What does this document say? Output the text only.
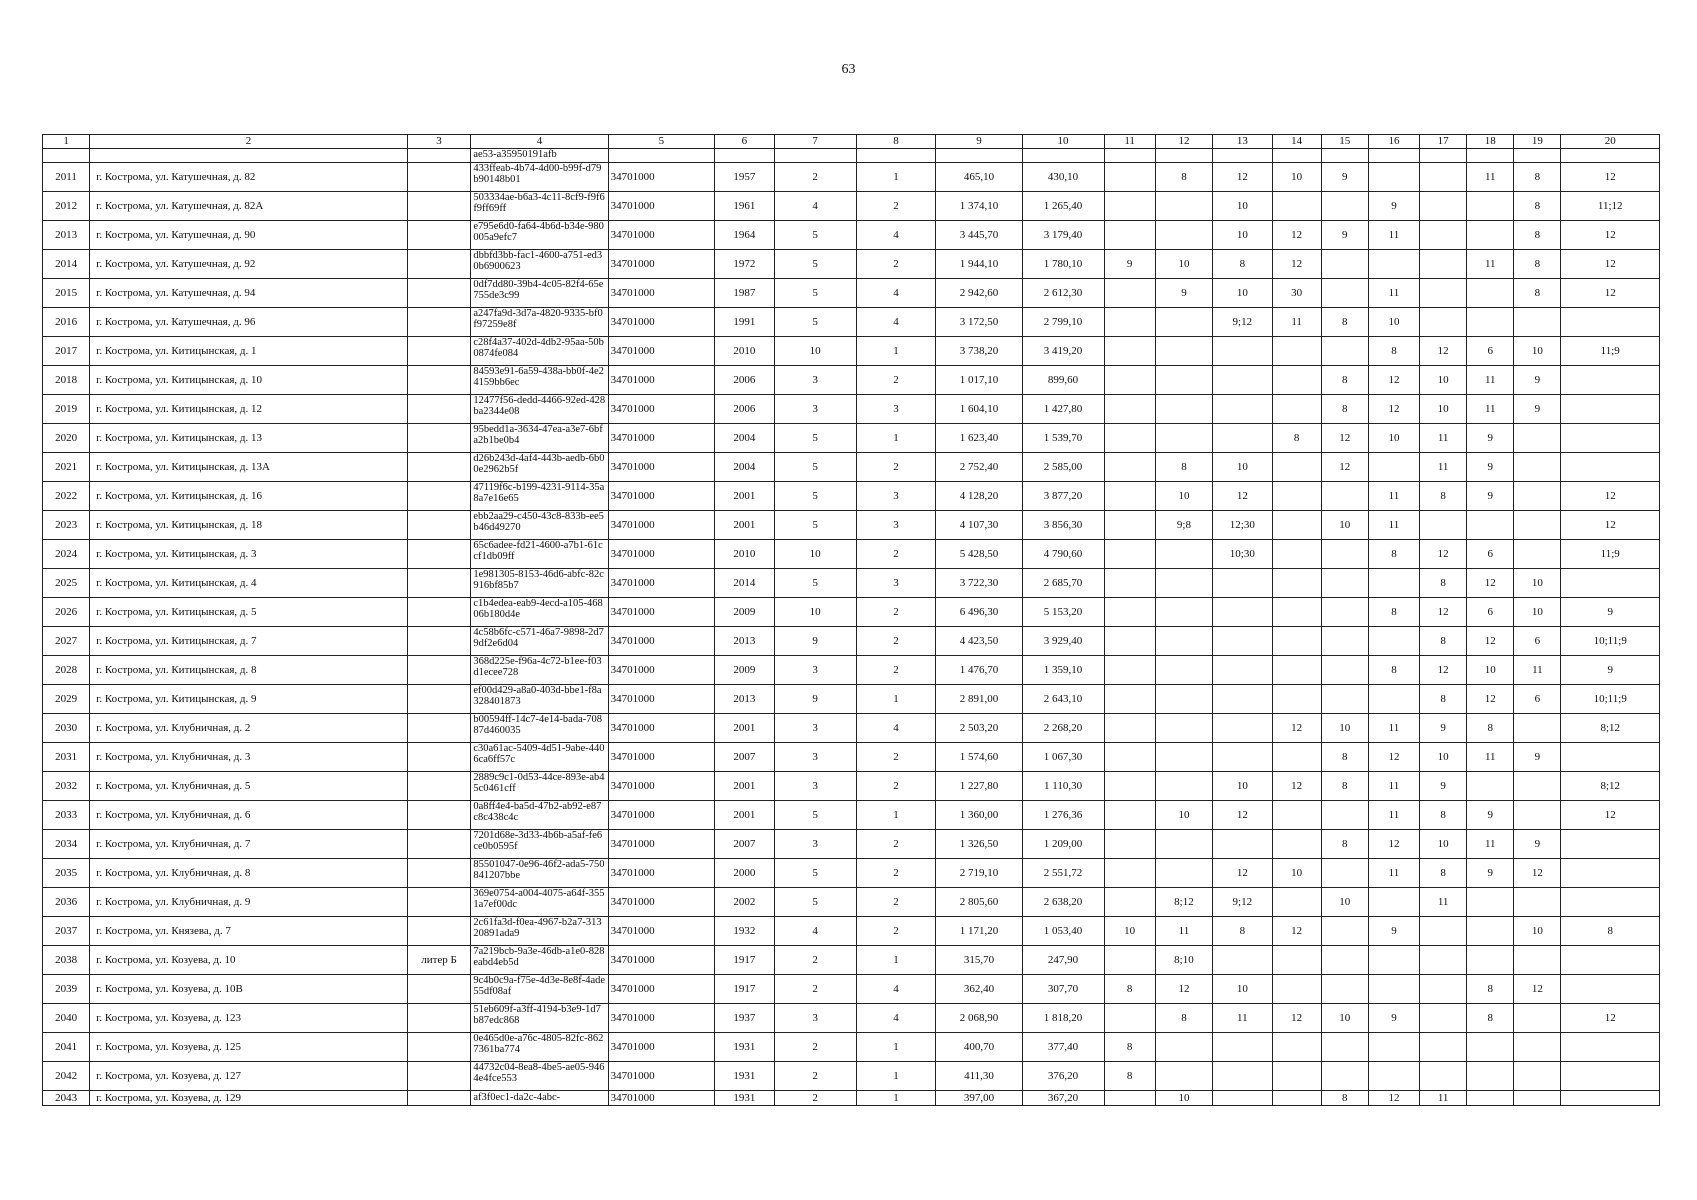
63
1	2	3	4	5	6	7	8	9	10	11	12	13	14	15	16	17	18	19	20
			ae53-a35950191afb																
2011	г. Кострома, ул. Катушечная, д. 82		433ffeab-4b74-4d00-b99f-d79b90148b01	34701000	1957	2	1	465,10	430,10		8	12	10	9			11	8	12
2012	г. Кострома, ул. Катушечная, д. 82А		503334ae-b6a3-4c11-8cf9-f9f6f9ff69ff	34701000	1961	4	2	1 374,10	1 265,40			10			9			8	11;12
2013	г. Кострома, ул. Катушечная, д. 90		e795e6d0-fa64-4b6d-b34e-980005a9efc7	34701000	1964	5	4	3 445,70	3 179,40			10	12	9	11			8	12
2014	г. Кострома, ул. Катушечная, д. 92		dbbfd3bb-fac1-4600-a751-ed30b6900623	34701000	1972	5	2	1 944,10	1 780,10	9	10	8	12				11	8	12
2015	г. Кострома, ул. Катушечная, д. 94		0df7dd80-39b4-4c05-82f4-65e755de3c99	34701000	1987	5	4	2 942,60	2 612,30		9	10	30		11			8	12
2016	г. Кострома, ул. Катушечная, д. 96		a247fa9d-3d7a-4820-9335-bf0f97259e8f	34701000	1991	5	4	3 172,50	2 799,10			9;12	11	8	10				
2017	г. Кострома, ул. Китицынская, д. 1		c28f4a37-402d-4db2-95aa-50b0874fe084	34701000	2010	10	1	3 738,20	3 419,20						8	12	6	10	11;9
2018	г. Кострома, ул. Китицынская, д. 10		84593e91-6a59-438a-bb0f-4e24159bb6ec	34701000	2006	3	2	1 017,10	899,60					8	12	10	11	9	
2019	г. Кострома, ул. Китицынская, д. 12		12477f56-dedd-4466-92ed-428ba2344e08	34701000	2006	3	3	1 604,10	1 427,80					8	12	10	11	9	
2020	г. Кострома, ул. Китицынская, д. 13		95bedd1a-3634-47ea-a3e7-6bfa2b1be0b4	34701000	2004	5	1	1 623,40	1 539,70				8	12	10	11	9		
2021	г. Кострома, ул. Китицынская, д. 13А		d26b243d-4af4-443b-aedb-6b00e2962b5f	34701000	2004	5	2	2 752,40	2 585,00		8	10		12		11	9		
2022	г. Кострома, ул. Китицынская, д. 16		47119f6c-b199-4231-9114-35a8a7e16e65	34701000	2001	5	3	4 128,20	3 877,20		10	12			11	8	9		12
2023	г. Кострома, ул. Китицынская, д. 18		ebb2aa29-c450-43c8-833b-ee5b46d49270	34701000	2001	5	3	4 107,30	3 856,30		9;8	12;30		10	11				12
2024	г. Кострома, ул. Китицынская, д. 3		65c6adee-fd21-4600-a7b1-61ccf1db09ff	34701000	2010	10	2	5 428,50	4 790,60			10;30			8	12	6		11;9
2025	г. Кострома, ул. Китицынская, д. 4		1e981305-8153-46d6-abfc-82c916bf85b7	34701000	2014	5	3	3 722,30	2 685,70							8	12	10	
2026	г. Кострома, ул. Китицынская, д. 5		c1b4edea-eab9-4ecd-a105-46806b180d4e	34701000	2009	10	2	6 496,30	5 153,20						8	12	6	10	9
2027	г. Кострома, ул. Китицынская, д. 7		4c58b6fc-c571-46a7-9898-2d79df2e6d04	34701000	2013	9	2	4 423,50	3 929,40							8	12	6	10;11;9
2028	г. Кострома, ул. Китицынская, д. 8		368d225e-f96a-4c72-b1ee-f03d1ecee728	34701000	2009	3	2	1 476,70	1 359,10						8	12	10	11	9
2029	г. Кострома, ул. Китицынская, д. 9		ef00d429-a8a0-403d-bbe1-f8a328401873	34701000	2013	9	1	2 891,00	2 643,10							8	12	6	10;11;9
2030	г. Кострома, ул. Клубничная, д. 2		b00594ff-14c7-4e14-bada-70887d460035	34701000	2001	3	4	2 503,20	2 268,20				12	10	11	9	8		8;12
2031	г. Кострома, ул. Клубничная, д. 3		c30a61ac-5409-4d51-9abe-4406ca6ff57c	34701000	2007	3	2	1 574,60	1 067,30					8	12	10	11	9	
2032	г. Кострома, ул. Клубничная, д. 5		2889c9c1-0d53-44ce-893e-ab45c0461cff	34701000	2001	3	2	1 227,80	1 110,30			10	12	8	11	9			8;12
2033	г. Кострома, ул. Клубничная, д. 6		0a8ff4e4-ba5d-47b2-ab92-e87c8c438c4c	34701000	2001	5	1	1 360,00	1 276,36		10	12			11	8	9		12
2034	г. Кострома, ул. Клубничная, д. 7		7201d68e-3d33-4b6b-a5af-fe6ce0b0595f	34701000	2007	3	2	1 326,50	1 209,00					8	12	10	11	9	
2035	г. Кострома, ул. Клубничная, д. 8		85501047-0e96-46f2-ada5-750841207bbe	34701000	2000	5	2	2 719,10	2 551,72			12	10		11	8	9	12	
2036	г. Кострома, ул. Клубничная, д. 9		369e0754-a004-4075-a64f-3551a7ef00dc	34701000	2002	5	2	2 805,60	2 638,20		8;12	9;12		10		11			
2037	г. Кострома, ул. Князева, д. 7		2c61fa3d-f0ea-4967-b2a7-31320891ada9	34701000	1932	4	2	1 171,20	1 053,40	10	11	8	12		9			10	8
2038	г. Кострома, ул. Козуева, д. 10	литер Б	7a219bcb-9a3e-46db-a1e0-828eabd4eb5d	34701000	1917	2	1	315,70	247,90		8;10								
2039	г. Кострома, ул. Козуева, д. 10В		9c4b0c9a-f75e-4d3e-8e8f-4ade55df08af	34701000	1917	2	4	362,40	307,70	8	12	10					8	12	
2040	г. Кострома, ул. Козуева, д. 123		51eb609f-a3ff-4194-b3e9-1d7b87edc868	34701000	1937	3	4	2 068,90	1 818,20		8	11	12	10	9		8		12
2041	г. Кострома, ул. Козуева, д. 125		0e465d0e-a76c-4805-82fc-8627361ba774	34701000	1931	2	1	400,70	377,40	8									
2042	г. Кострома, ул. Козуева, д. 127		44732c04-8ea8-4be5-ae05-9464e4fce553	34701000	1931	2	1	411,30	376,20	8									
2043	г. Кострома, ул. Козуева, д. 129		af3f0ec1-da2c-4abc-	34701000	1931	2	1	397,00	367,20		10			8	12	11			
